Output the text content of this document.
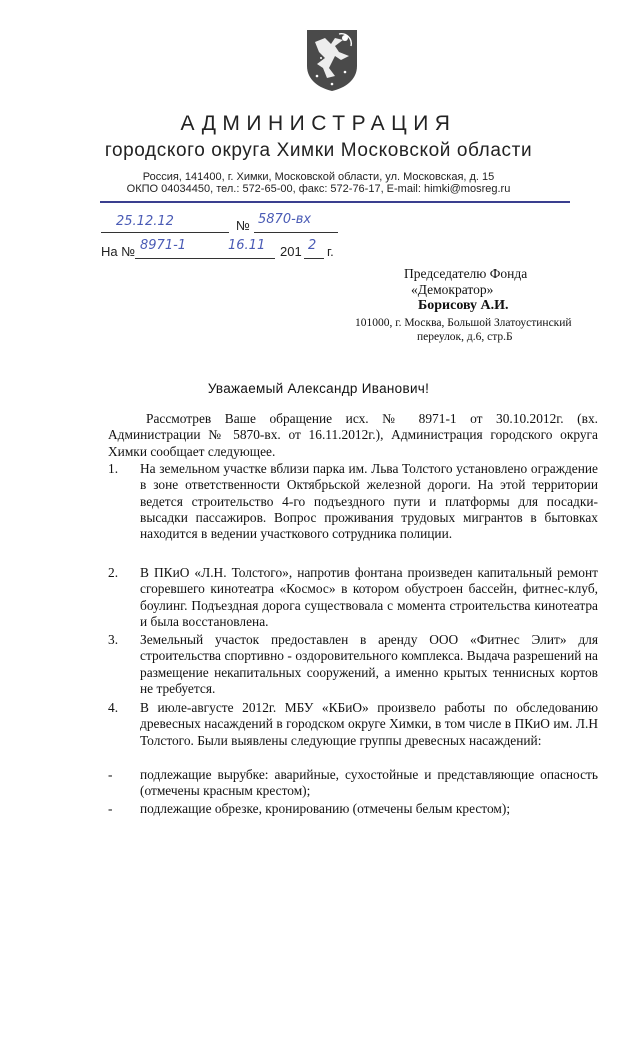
АДМИНИСТРАЦИЯ
городского округа Химки Московской области
Россия, 141400, г. Химки, Московской области, ул. Московская, д. 15
ОКПО 04034450, тел.: 572-65-00, факс: 572-76-17, E-mail: himki@mosreg.ru
25.12.12	№ 5870-вх
На № 8971-1	16.11 201 2 г.
Председателю Фонда
«Демократор»
Борисову А.И.
101000, г. Москва, Большой Златоустинский
переулок, д.6, стр.Б
Уважаемый Александр Иванович!
Рассмотрев Ваше обращение исх. № 8971-1 от 30.10.2012г. (вх. Администрации № 5870-вх. от 16.11.2012г.), Администрация городского округа Химки сообщает следующее.
1. На земельном участке вблизи парка им. Льва Толстого установлено ограждение в зоне ответственности Октябрьской железной дороги. На этой территории ведется строительство 4-го подъездного пути и платформы для посадки-высадки пассажиров. Вопрос проживания трудовых мигрантов в бытовках находится в ведении участкового сотрудника полиции.
2. В ПКиО «Л.Н. Толстого», напротив фонтана произведен капитальный ремонт сгоревшего кинотеатра «Космос» в котором обустроен бассейн, фитнес-клуб, боулинг. Подъездная дорога существовала с момента строительства кинотеатра и была восстановлена.
3. Земельный участок предоставлен в аренду ООО «Фитнес Элит» для строительства спортивно - оздоровительного комплекса. Выдача разрешений на размещение некапитальных сооружений, а именно крытых теннисных кортов не требуется.
4. В июле-августе 2012г. МБУ «КБиО» произвело работы по обследованию древесных насаждений в городском округе Химки, в том числе в ПКиО им. Л.Н Толстого. Были выявлены следующие группы древесных насаждений:
- подлежащие вырубке: аварийные, сухостойные и представляющие опасность (отмечены красным крестом);
- подлежащие обрезке, кронированию (отмечены белым крестом);
